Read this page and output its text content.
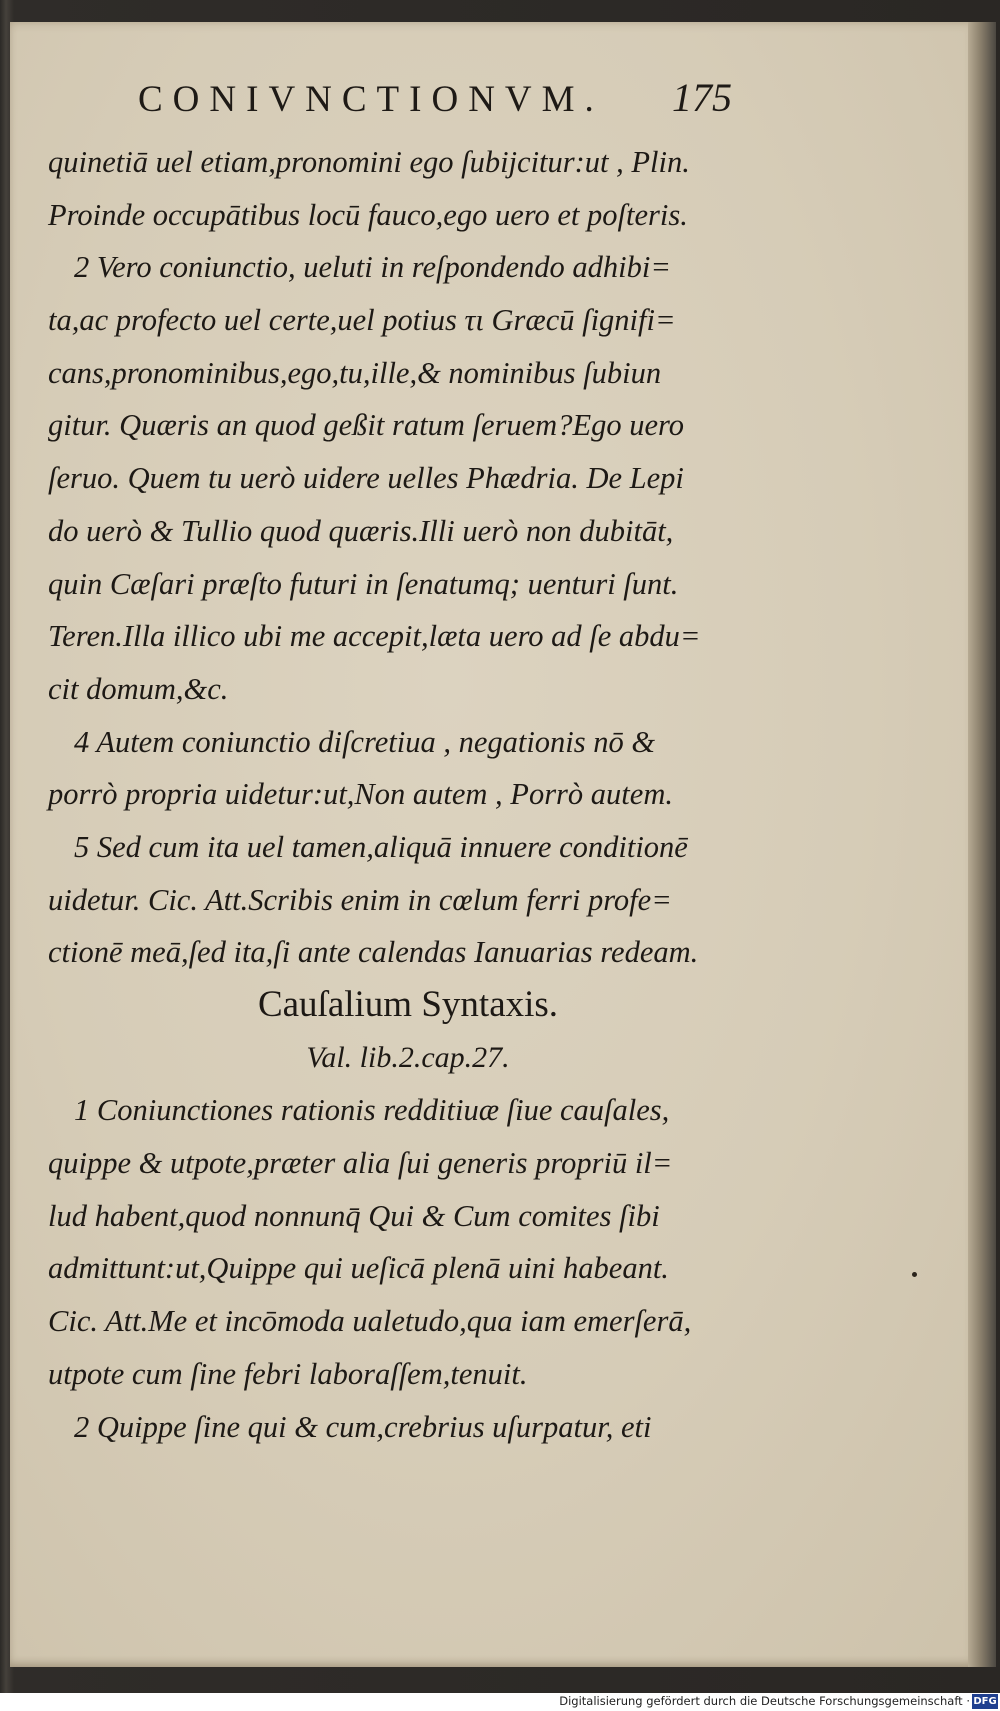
CONIVNCTIONVM. 175
quinetiā uel etiam,pronomini ego ſubijcitur:ut , Plin.
Proinde occupātibus locū fauco,ego uero et poſteris.
2 Vero coniunctio, ueluti in reſpondendo adhibi=
ta,ac profecto uel certe,uel potius τι Græcū ſignifi=
cans,pronominibus,ego,tu,ille,& nominibus ſubiun
gitur. Quæris an quod geßit ratum ſeruem?Ego uero
ſeruo. Quem tu uerò uidere uelles Phædria. De Lepi
do uerò & Tullio quod quæris.Illi uerò non dubitāt,
quin Cæſari præſto futuri in ſenatumq; uenturi ſunt.
Teren.Illa illico ubi me accepit,læta uero ad ſe abdu=
cit domum,&c.
4 Autem coniunctio diſcretiua , negationis nō &
porrò propria uidetur:ut,Non autem , Porrò autem.
5 Sed cum ita uel tamen,aliquā innuere conditionē
uidetur. Cic. Att.Scribis enim in cœlum ferri profe=
ctionē meā,ſed ita,ſi ante calendas Ianuarias redeam.
Cauſalium Syntaxis.
Val. lib.2.cap.27.
1 Coniunctiones rationis redditiuæ ſiue cauſales,
quippe & utpote,præter alia ſui generis propriū il=
lud habent,quod nonnunq̄ Qui & Cum comites ſibi
admittunt:ut,Quippe qui ueſicā plenā uini habeant.
Cic. Att.Me et incōmoda ualetudo,qua iam emerſerā,
utpote cum ſine febri laboraſſem,tenuit.
2 Quippe ſine qui & cum,crebrius uſurpatur, eti
Digitalisierung gefördert durch die Deutsche Forschungsgemeinschaft · DFG
